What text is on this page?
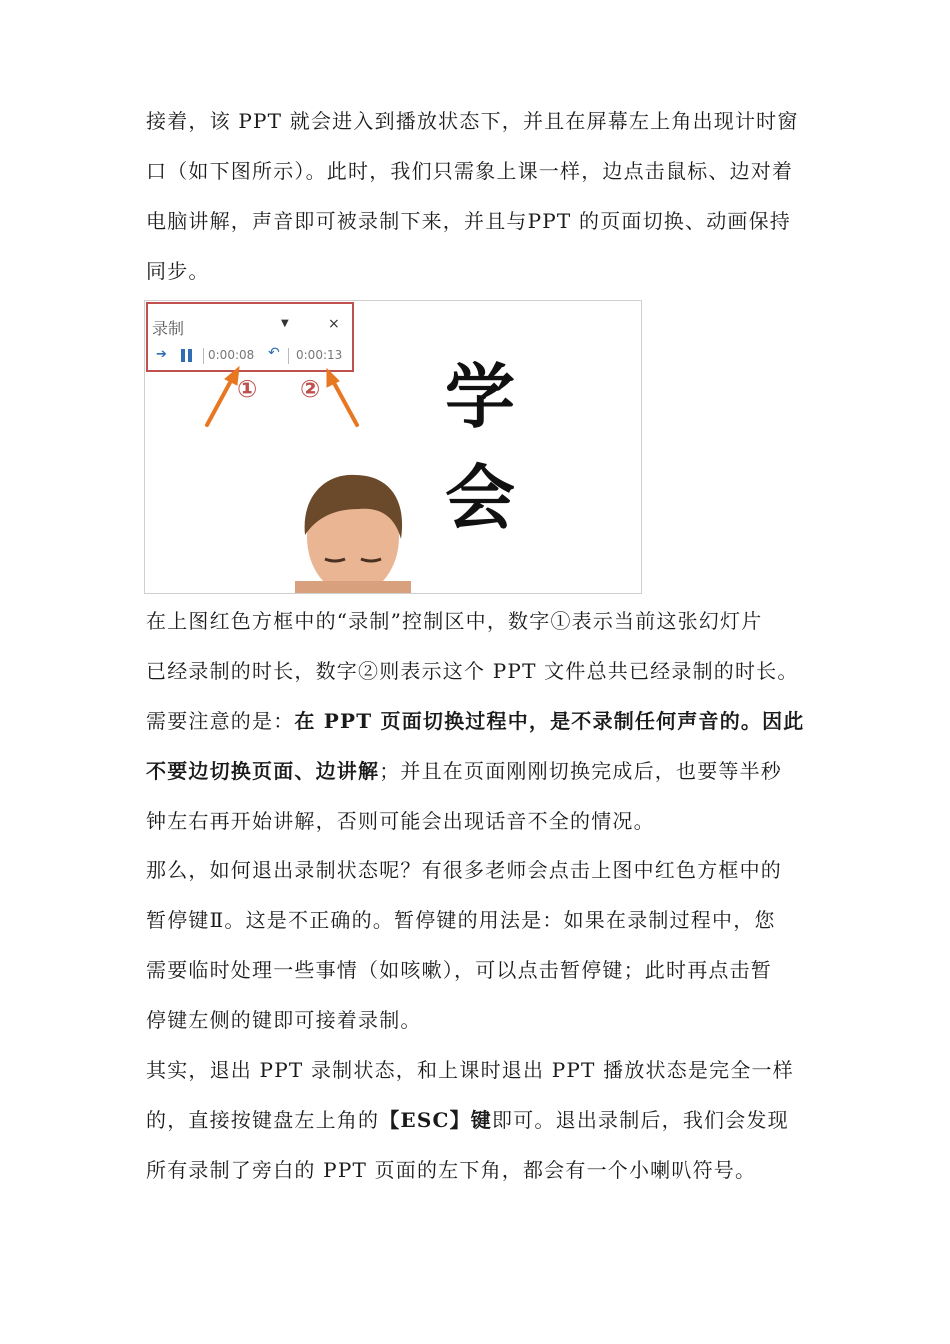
接着，该 PPT 就会进入到播放状态下，并且在屏幕左上角出现计时窗
口（如下图所示）。此时，我们只需象上课一样，边点击鼠标、边对着
电脑讲解，声音即可被录制下来，并且与PPT 的页面切换、动画保持
同步。
录制	▼	×
➔	0:00:08 ↶ 0:00:13
① ② 学会
在上图红色方框中的“录制”控制区中，数字①表示当前这张幻灯片
已经录制的时长，数字②则表示这个 PPT 文件总共已经录制的时长。
需要注意的是：在 PPT 页面切换过程中，是不录制任何声音的。因此
不要边切换页面、边讲解；并且在页面刚刚切换完成后，也要等半秒
钟左右再开始讲解，否则可能会出现话音不全的情况。
那么，如何退出录制状态呢？有很多老师会点击上图中红色方框中的
暂停键Ⅱ。这是不正确的。暂停键的用法是：如果在录制过程中，您
需要临时处理一些事情（如咳嗽），可以点击暂停键；此时再点击暂
停键左侧的键即可接着录制。
其实，退出 PPT 录制状态，和上课时退出 PPT 播放状态是完全一样
的，直接按键盘左上角的【ESC】键即可。退出录制后，我们会发现
所有录制了旁白的 PPT 页面的左下角，都会有一个小喇叭符号。
